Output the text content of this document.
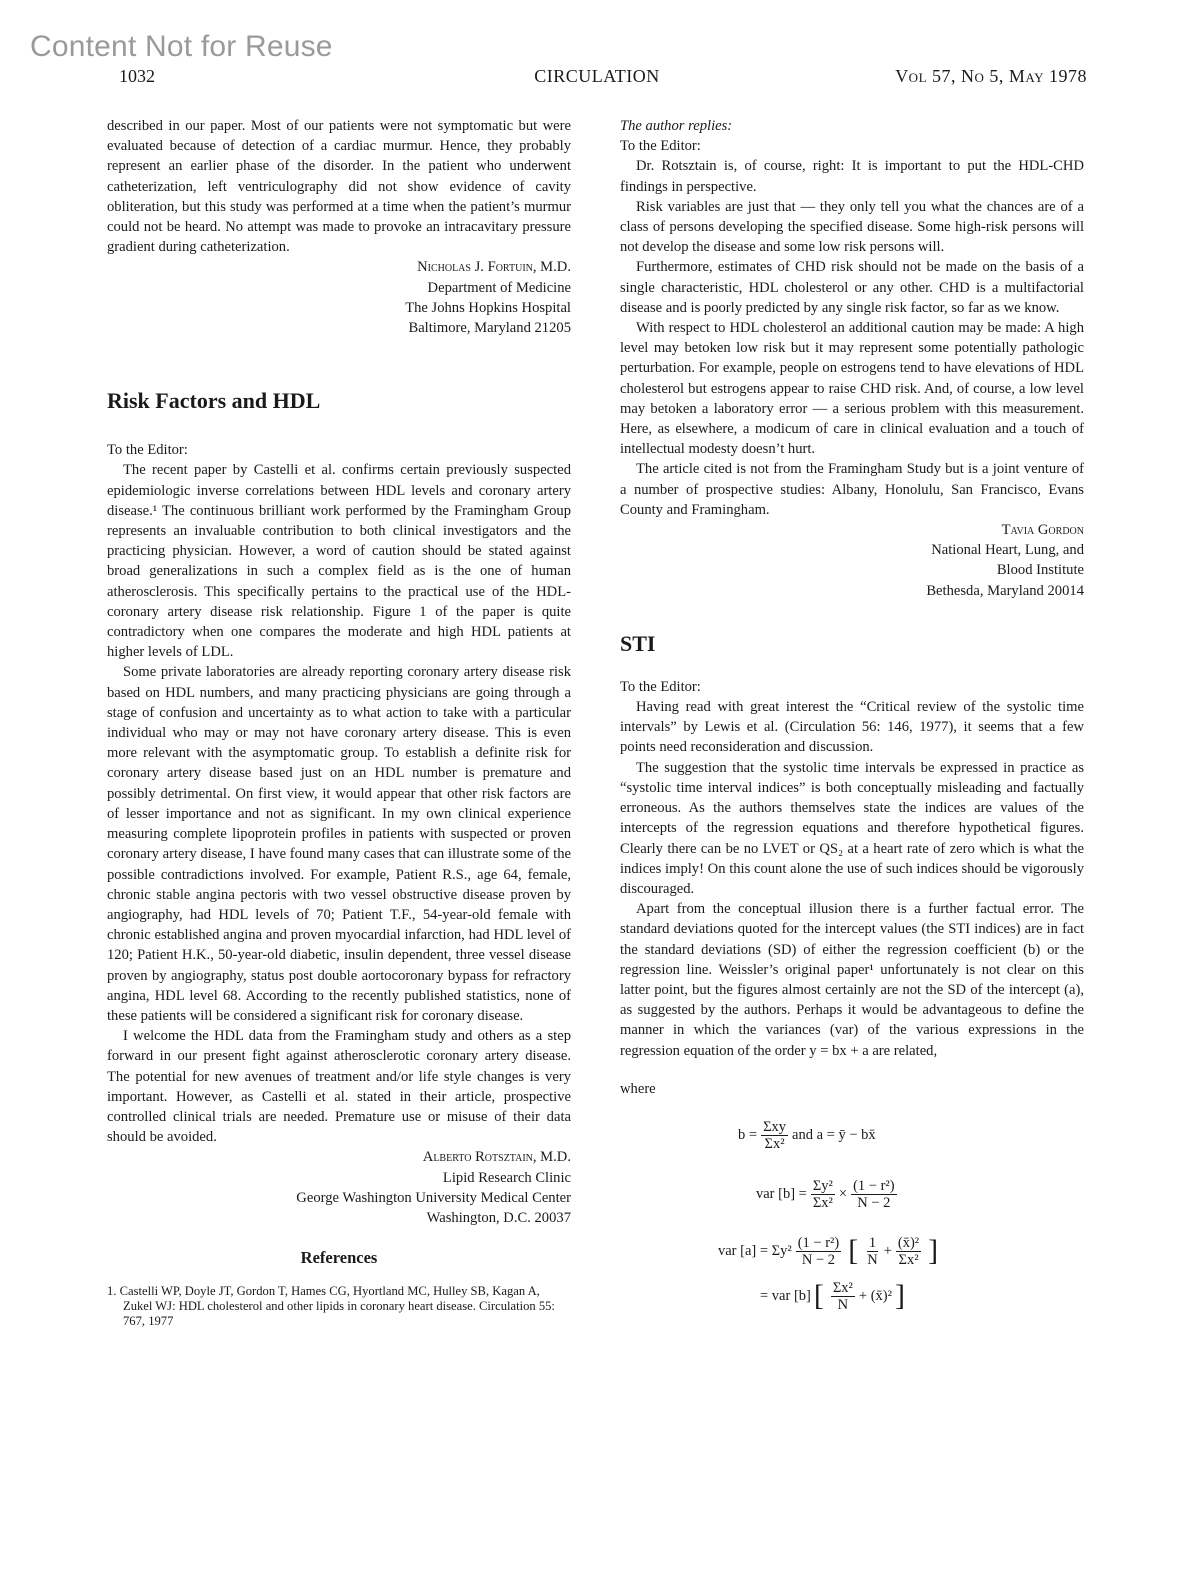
Content Not for Reuse
1032	CIRCULATION	Vol 57, No 5, May 1978

described in our paper. Most of our patients were not symptomatic but were evaluated because of detection of a cardiac murmur. Hence, they probably represent an earlier phase of the disorder. In the patient who underwent catheterization, left ventriculography did not show evidence of cavity obliteration, but this study was performed at a time when the patient’s murmur could not be heard. No attempt was made to provoke an intracavitary pressure gradient during catheterization.

Nicholas J. Fortuin, M.D.
Department of Medicine
The Johns Hopkins Hospital
Baltimore, Maryland 21205
Risk Factors and HDL

To the Editor:

The recent paper by Castelli et al. confirms certain previously suspected epidemiologic inverse correlations between HDL levels and coronary artery disease.¹ The continuous brilliant work performed by the Framingham Group represents an invaluable contribution to both clinical investigators and the practicing physician. However, a word of caution should be stated against broad generalizations in such a complex field as is the one of human atherosclerosis. This specifically pertains to the practical use of the HDL-coronary artery disease risk relationship. Figure 1 of the paper is quite contradictory when one compares the moderate and high HDL patients at higher levels of LDL.

Some private laboratories are already reporting coronary artery disease risk based on HDL numbers, and many practicing physicians are going through a stage of confusion and uncertainty as to what action to take with a particular individual who may or may not have coronary artery disease. This is even more relevant with the asymptomatic group. To establish a definite risk for coronary artery disease based just on an HDL number is premature and possibly detrimental. On first view, it would appear that other risk factors are of lesser importance and not as significant. In my own clinical experience measuring complete lipoprotein profiles in patients with suspected or proven coronary artery disease, I have found many cases that can illustrate some of the possible contradictions involved. For example, Patient R.S., age 64, female, chronic stable angina pectoris with two vessel obstructive disease proven by angiography, had HDL levels of 70; Patient T.F., 54-year-old female with chronic established angina and proven myocardial infarction, had HDL level of 120; Patient H.K., 50-year-old diabetic, insulin dependent, three vessel disease proven by angiography, status post double aortocoronary bypass for refractory angina, HDL level 68. According to the recently published statistics, none of these patients will be considered a significant risk for coronary disease.

I welcome the HDL data from the Framingham study and others as a step forward in our present fight against atherosclerotic coronary artery disease. The potential for new avenues of treatment and/or life style changes is very important. However, as Castelli et al. stated in their article, prospective controlled clinical trials are needed. Premature use or misuse of their data should be avoided.

Alberto Rotsztain, M.D.
Lipid Research Clinic
George Washington University Medical Center
Washington, D.C. 20037
References
1. Castelli WP, Doyle JT, Gordon T, Hames CG, Hyortland MC, Hulley SB, Kagan A, Zukel WJ: HDL cholesterol and other lipids in coronary heart disease. Circulation 55: 767, 1977

The author replies:

To the Editor:

Dr. Rotsztain is, of course, right: It is important to put the HDL-CHD findings in perspective.

Risk variables are just that — they only tell you what the chances are of a class of persons developing the specified disease. Some high-risk persons will not develop the disease and some low risk persons will.

Furthermore, estimates of CHD risk should not be made on the basis of a single characteristic, HDL cholesterol or any other. CHD is a multifactorial disease and is poorly predicted by any single risk factor, so far as we know.

With respect to HDL cholesterol an additional caution may be made: A high level may betoken low risk but it may represent some potentially pathologic perturbation. For example, people on estrogens tend to have elevations of HDL cholesterol but estrogens appear to raise CHD risk. And, of course, a low level may betoken a laboratory error — a serious problem with this measurement. Here, as elsewhere, a modicum of care in clinical evaluation and a touch of intellectual modesty doesn’t hurt.

The article cited is not from the Framingham Study but is a joint venture of a number of prospective studies: Albany, Honolulu, San Francisco, Evans County and Framingham.

Tavia Gordon
National Heart, Lung, and
Blood Institute
Bethesda, Maryland 20014
STI

To the Editor:

Having read with great interest the “Critical review of the systolic time intervals” by Lewis et al. (Circulation 56: 146, 1977), it seems that a few points need reconsideration and discussion.

The suggestion that the systolic time intervals be expressed in practice as “systolic time interval indices” is both conceptually misleading and factually erroneous. As the authors themselves state the indices are values of the intercepts of the regression equations and therefore hypothetical figures. Clearly there can be no LVET or QS₂ at a heart rate of zero which is what the indices imply! On this count alone the use of such indices should be vigorously discouraged.

Apart from the conceptual illusion there is a further factual error. The standard deviations quoted for the intercept values (the STI indices) are in fact the standard deviations (SD) of either the regression coefficient (b) or the regression line. Weissler’s original paper¹ unfortunately is not clear on this latter point, but the figures almost certainly are not the SD of the intercept (a), as suggested by the authors. Perhaps it would be advantageous to define the manner in which the variances (var) of the various expressions in the regression equation of the order y = bx + a are related,

where

$b = \frac{\text{Σxy}}{\text{Σx²}}$ and a = ȳ − bx̄
var $[b] = \frac{\text{Σy²}}{\text{Σx²}} \times \frac{\text{(1 − r²)}}{N - 2}$
var $[a] = \Sigma y^2 \frac{\text{(1 − r²)}}{N - 2}$ [ $\frac{1}{N} + \frac{\text{(x̄)²}}{\text{Σx²}}$ ]
= var [b] [ $\frac{\text{Σx²}}{N}$ + (x̄)² ]
